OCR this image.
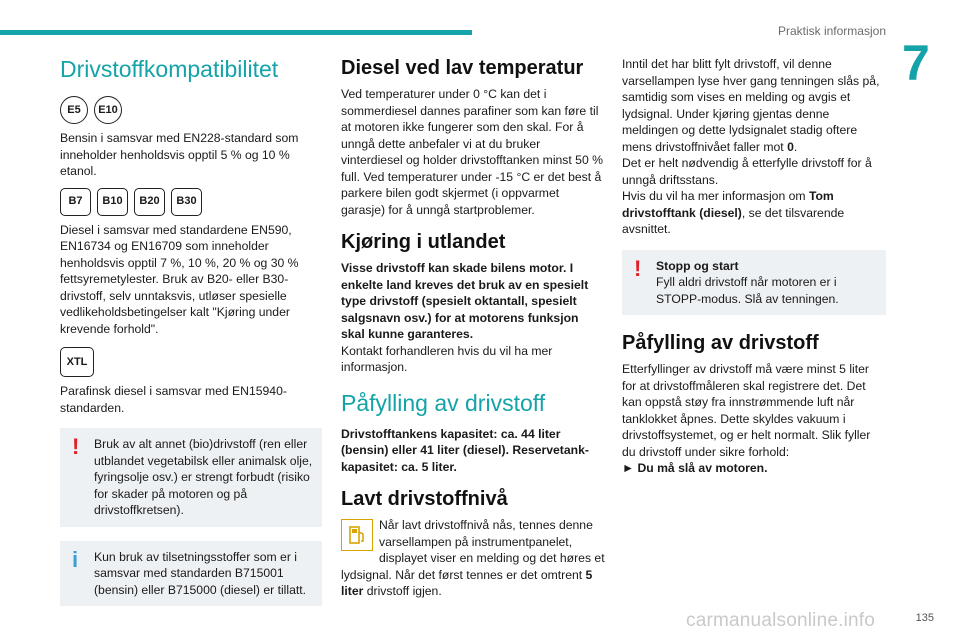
Praktisk informasjon
7
Drivstoffkompatibilitet
E5	E10

Bensin i samsvar med EN228-standard som inneholder henholdsvis opptil 5 % og 10 % etanol.

B7	B10	B20	B30

Diesel i samsvar med standardene EN590, EN16734 og EN16709 som inneholder henholdsvis opptil 7 %, 10 %, 20 % og 30 % fettsyremetylester. Bruk av B20- eller B30-drivstoff, selv unntaksvis, utløser spesielle vedlikeholdsbetingelser kalt "Kjøring under krevende forhold".

XTL

Parafinsk diesel i samsvar med EN15940-standarden.

!	Bruk av alt annet (bio)drivstoff (ren eller utblandet vegetabilsk eller animalsk olje, fyringsolje osv.) er strengt forbudt (risiko for skader på motoren og på drivstoffkretsen).

i	Kun bruk av tilsetningsstoffer som er i samsvar med standarden B715001 (bensin) eller B715000 (diesel) er tillatt.

Diesel ved lav temperatur

Ved temperaturer under 0 °C kan det i sommerdiesel dannes parafiner som kan føre til at motoren ikke fungerer som den skal. For å unngå dette anbefaler vi at du bruker vinterdiesel og holder drivstofftanken minst 50 % full. Ved temperaturer under -15 °C er det best å parkere bilen godt skjermet (i oppvarmet garasje) for å unngå startproblemer.

Kjøring i utlandet

Visse drivstoff kan skade bilens motor. I enkelte land kreves det bruk av en spesielt type drivstoff (spesielt oktantall, spesielt salgsnavn osv.) for at motorens funksjon skal kunne garanteres.

Kontakt forhandleren hvis du vil ha mer informasjon.

Påfylling av drivstoff

Drivstofftankens kapasitet: ca. 44 liter (bensin) eller 41 liter (diesel). Reservetank-kapasitet: ca. 5 liter.

Lavt drivstoffnivå

Når lavt drivstoffnivå nås, tennes denne varsellampen på instrumentpanelet, displayet viser en melding og det høres et lydsignal. Når det først tennes er det omtrent 5 liter drivstoff igjen.

Inntil det har blitt fylt drivstoff, vil denne varsellampen lyse hver gang tenningen slås på, samtidig som vises en melding og avgis et lydsignal. Under kjøring gjentas denne meldingen og dette lydsignalet stadig oftere mens drivstoffnivået faller mot 0.

Det er helt nødvendig å etterfylle drivstoff for å unngå driftsstans.

Hvis du vil ha mer informasjon om Tom drivstofftank (diesel), se det tilsvarende avsnittet.

!	Stopp og start

Fyll aldri drivstoff når motoren er i STOPP-modus. Slå av tenningen.

Påfylling av drivstoff

Etterfyllinger av drivstoff må være minst 5 liter for at drivstoffmåleren skal registrere det. Det kan oppstå støy fra innstrømmende luft når tanklokket åpnes. Dette skyldes vakuum i drivstoffsystemet, og er helt normalt. Slik fyller du drivstoff under sikre forhold:

► Du må slå av motoren.

carmanualsonline.info	135
